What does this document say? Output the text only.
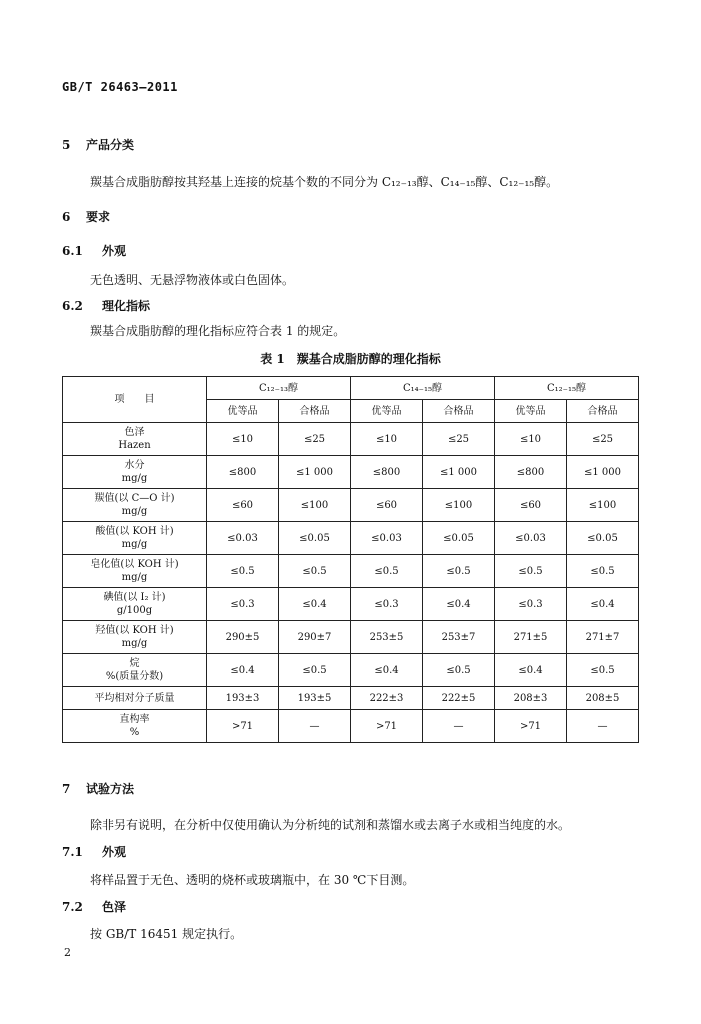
GB/T 26463—2011
5 产品分类
羰基合成脂肪醇按其羟基上连接的烷基个数的不同分为 C₁₂₋₁₃醇、C₁₄₋₁₅醇、C₁₂₋₁₅醇。
6 要求
6.1 外观
无色透明、无悬浮物液体或白色固体。
6.2 理化指标
羰基合成脂肪醇的理化指标应符合表 1 的规定。
表 1　羰基合成脂肪醇的理化指标
项　　目	C₁₂₋₁₃醇		C₁₄₋₁₅醇		C₁₂₋₁₅醇	
	优等品	合格品	优等品	合格品	优等品	合格品

色泽
Hazen	≤10	≤25	≤10	≤25	≤10	≤25

水分
mg/g	≤800	≤1 000	≤800	≤1 000	≤800	≤1 000

羰值(以 C—O 计)
mg/g	≤60	≤100	≤60	≤100	≤60	≤100

酸值(以 KOH 计)
mg/g	≤0.03	≤0.05	≤0.03	≤0.05	≤0.03	≤0.05

皂化值(以 KOH 计)
mg/g	≤0.5	≤0.5	≤0.5	≤0.5	≤0.5	≤0.5

碘值(以 I₂ 计)
g/100g	≤0.3	≤0.4	≤0.3	≤0.4	≤0.3	≤0.4

羟值(以 KOH 计)
mg/g	290±5	290±7	253±5	253±7	271±5	271±7

烷
%(质量分数)	≤0.4	≤0.5	≤0.4	≤0.5	≤0.4	≤0.5

平均相对分子质量	193±3	193±5	222±3	222±5	208±3	208±5

直构率
%	>71	—	>71	—	>71	—
7 试验方法
除非另有说明，在分析中仅使用确认为分析纯的试剂和蒸馏水或去离子水或相当纯度的水。
7.1 外观
将样品置于无色、透明的烧杯或玻璃瓶中，在 30 ℃下目测。
7.2 色泽
按 GB/T 16451 规定执行。
2
